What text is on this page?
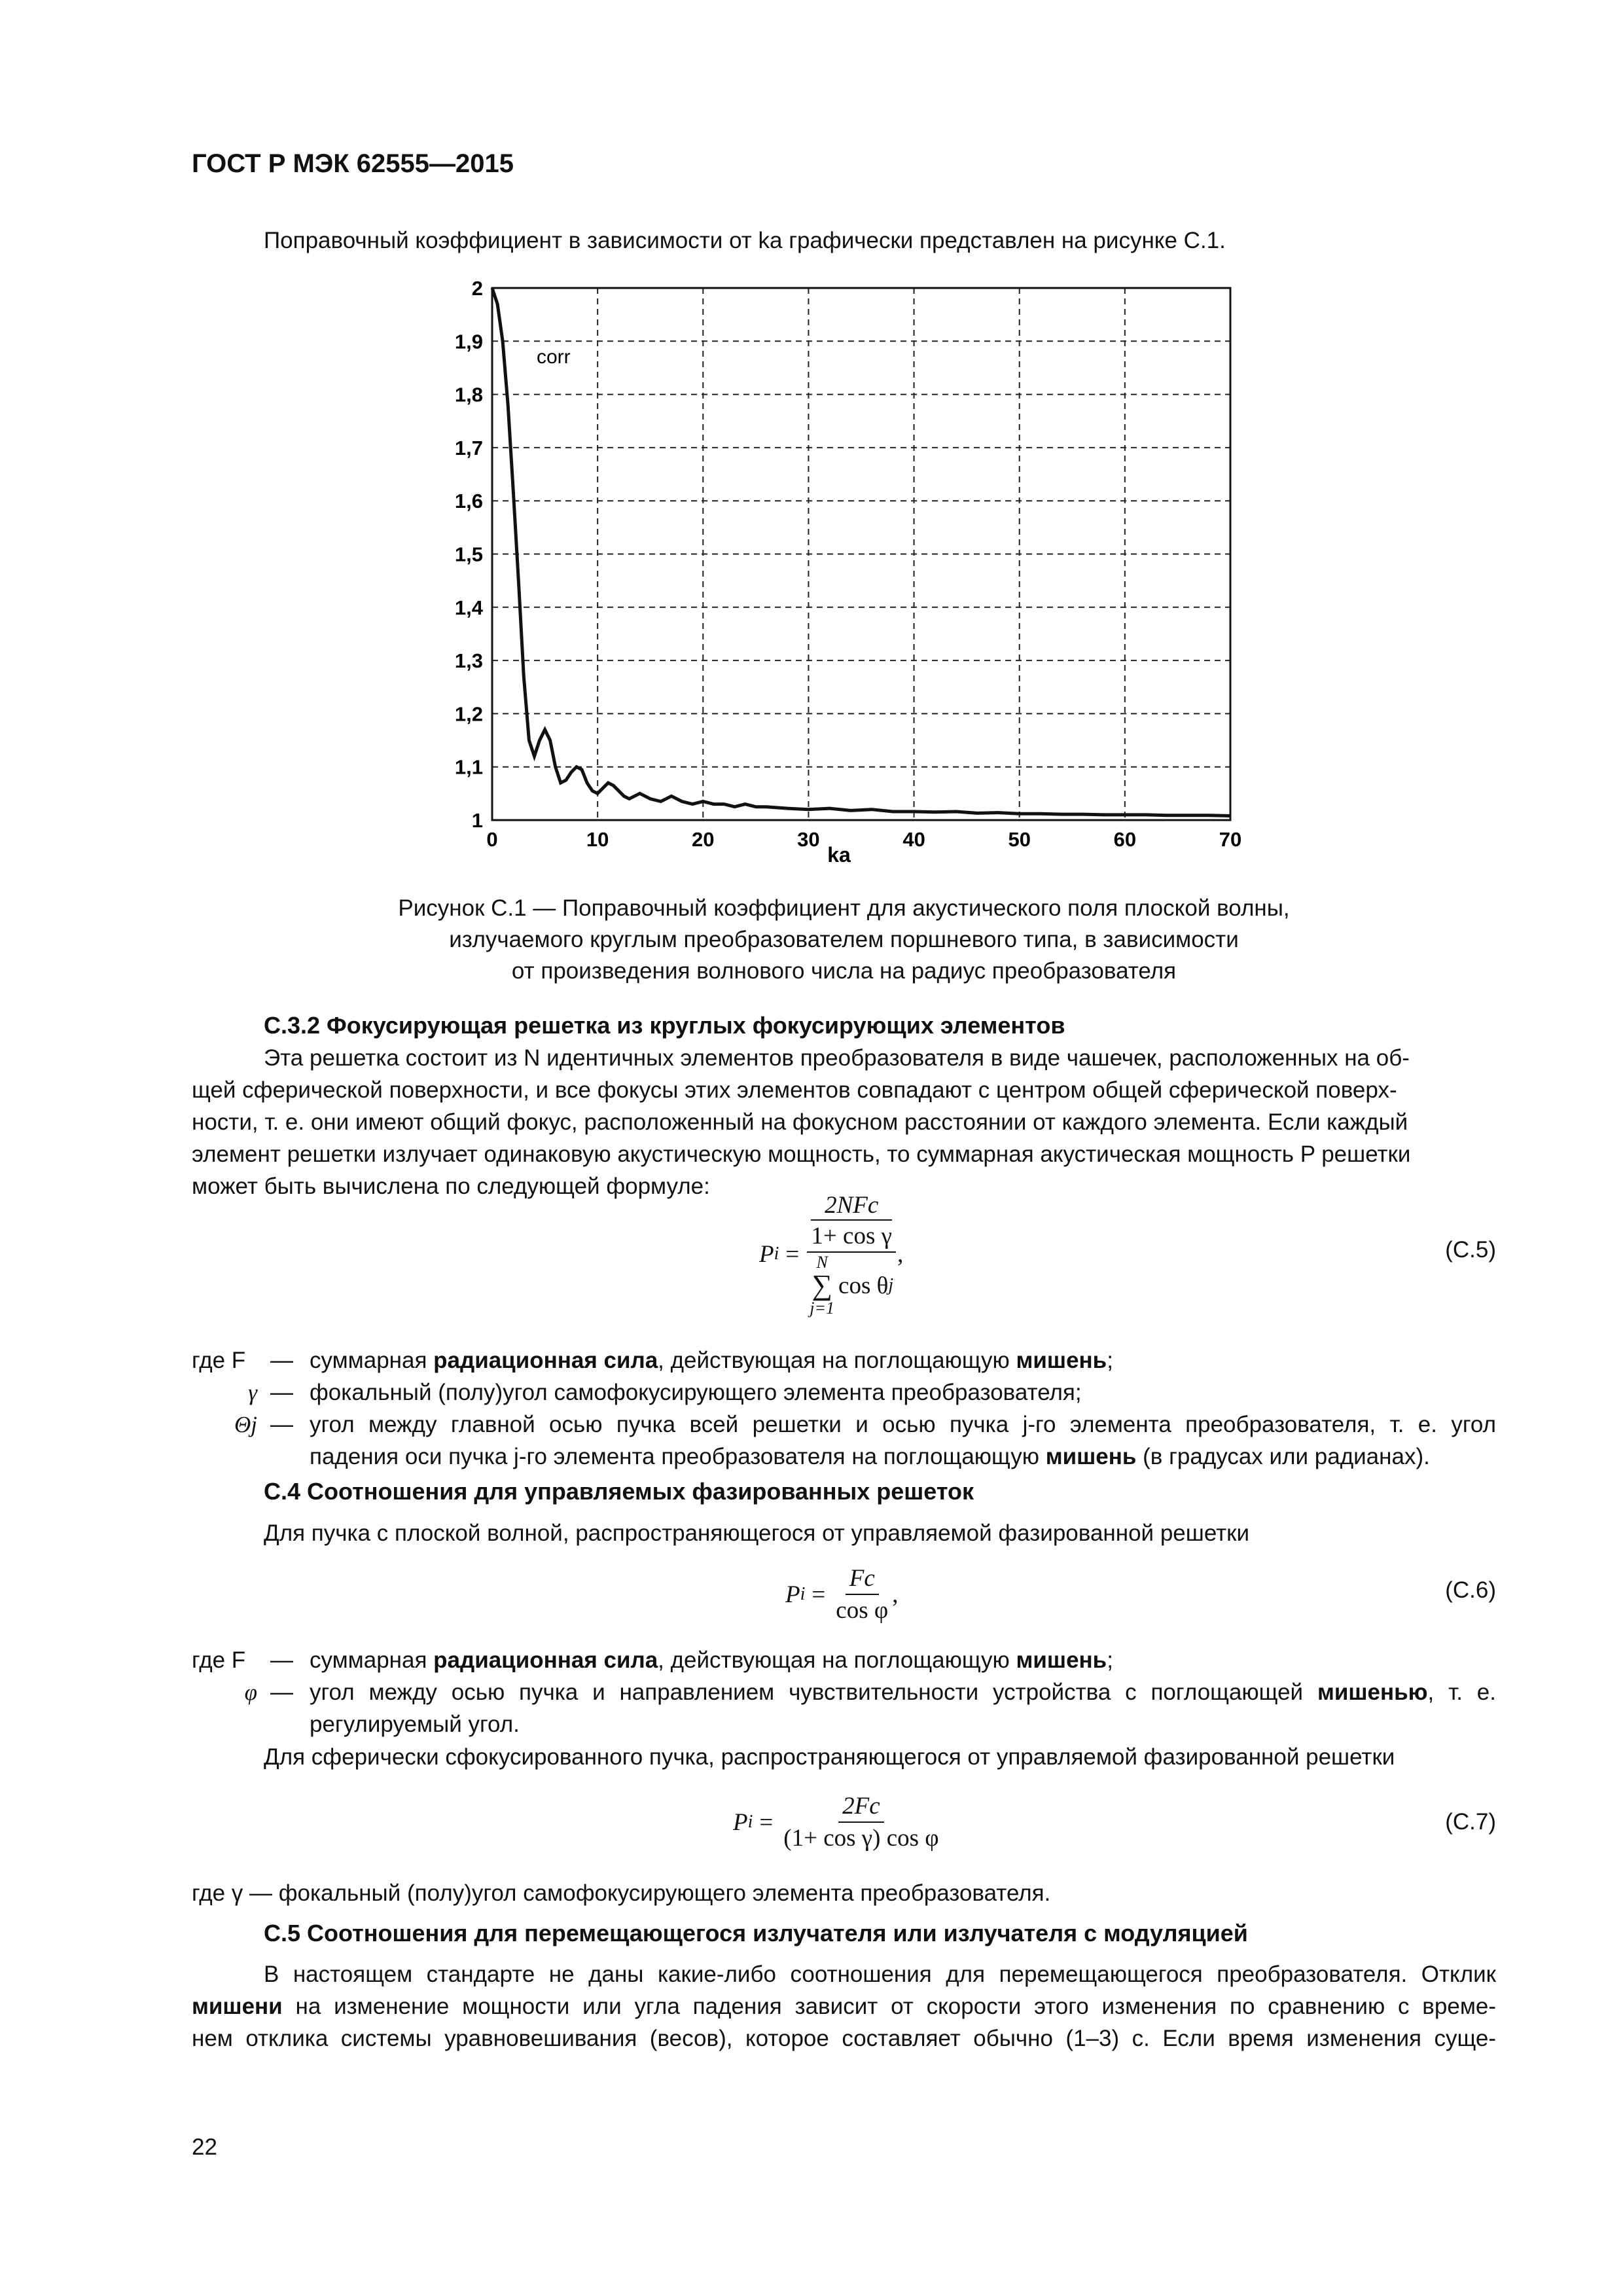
ГОСТ Р МЭК 62555—2015
Поправочный коэффициент в зависимости от ka графически представлен на рисунке С.1.
1
1,1
1,2
1,3
1,4
1,5
1,6
1,7
1,8
1,9
2
0	10	20	30	40	50	60	70
corr
ka
Рисунок С.1 — Поправочный коэффициент для акустического поля плоской волны,
излучаемого круглым преобразователем поршневого типа, в зависимости
от произведения волнового числа на радиус преобразователя
С.3.2 Фокусирующая решетка из круглых фокусирующих элементов
Эта решетка состоит из N идентичных элементов преобразователя в виде чашечек, расположенных на об-
щей сферической поверхности, и все фокусы этих элементов совпадают с центром общей сферической поверх-
ности, т. е. они имеют общий фокус, расположенный на фокусном расстоянии от каждого элемента. Если каждый
элемент решетки излучает одинаковую акустическую мощность, то суммарная акустическая мощность P решетки
может быть вычислена по следующей формуле:
P i = 2NFc
1+ cos γ
N
∑
j=1
cos θ j ,	(С.5)
где F	— суммарная радиационная сила, действующая на поглощающую мишень;
γ — фокальный (полу)угол самофокусирующего элемента преобразователя;
Θj — угол между главной осью пучка всей решетки и осью пучка j-го элемента преобразователя, т. е. угол
падения оси пучка j-го элемента преобразователя на поглощающую мишень (в градусах или радианах).
С.4 Соотношения для управляемых фазированных решеток
Для пучка с плоской волной, распространяющегося от управляемой фазированной решетки
P $i = \frac{Fc}{\text{cos φ}}$ ,	(С.6)
где F	— суммарная радиационная сила, действующая на поглощающую мишень;
φ — угол между осью пучка и направлением чувствительности устройства с поглощающей мишенью, т. е.
регулируемый угол.
Для сферически сфокусированного пучка, распространяющегося от управляемой фазированной решетки
P $i = \frac{2Fc}{\text{(1+ cos γ) cos φ}}$	(С.7)
где γ — фокальный (полу)угол самофокусирующего элемента преобразователя.
С.5 Соотношения для перемещающегося излучателя или излучателя с модуляцией
В настоящем стандарте не даны какие-либо соотношения для перемещающегося преобразователя. Отклик
мишени на изменение мощности или угла падения зависит от скорости этого изменения по сравнению с време-
нем отклика системы уравновешивания (весов), которое составляет обычно (1–3) с. Если время изменения суще-
22
